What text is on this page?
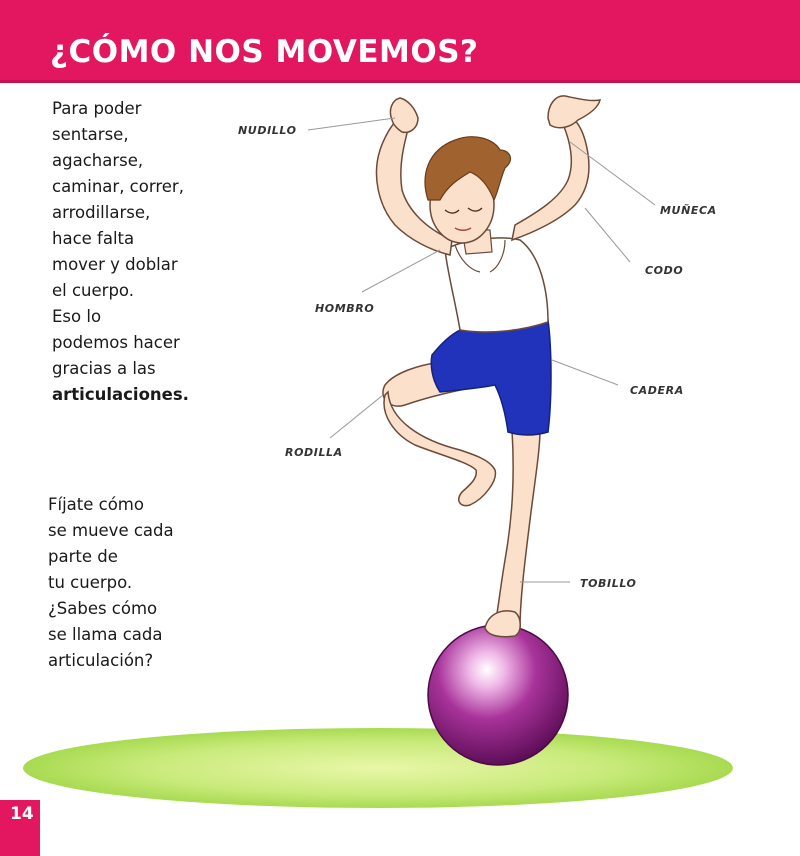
¿CÓMO NOS MOVEMOS?
Para poder
sentarse,
agacharse,
caminar, correr,
arrodillarse,
hace falta
mover y doblar
el cuerpo.
Eso lo
podemos hacer
gracias a las
articulaciones.
Fíjate cómo
se mueve cada
parte de
tu cuerpo.
¿Sabes cómo
se llama cada
articulación?
NUDILLO
MUÑECA
CODO
HOMBRO
CADERA
RODILLA
TOBILLO
14
